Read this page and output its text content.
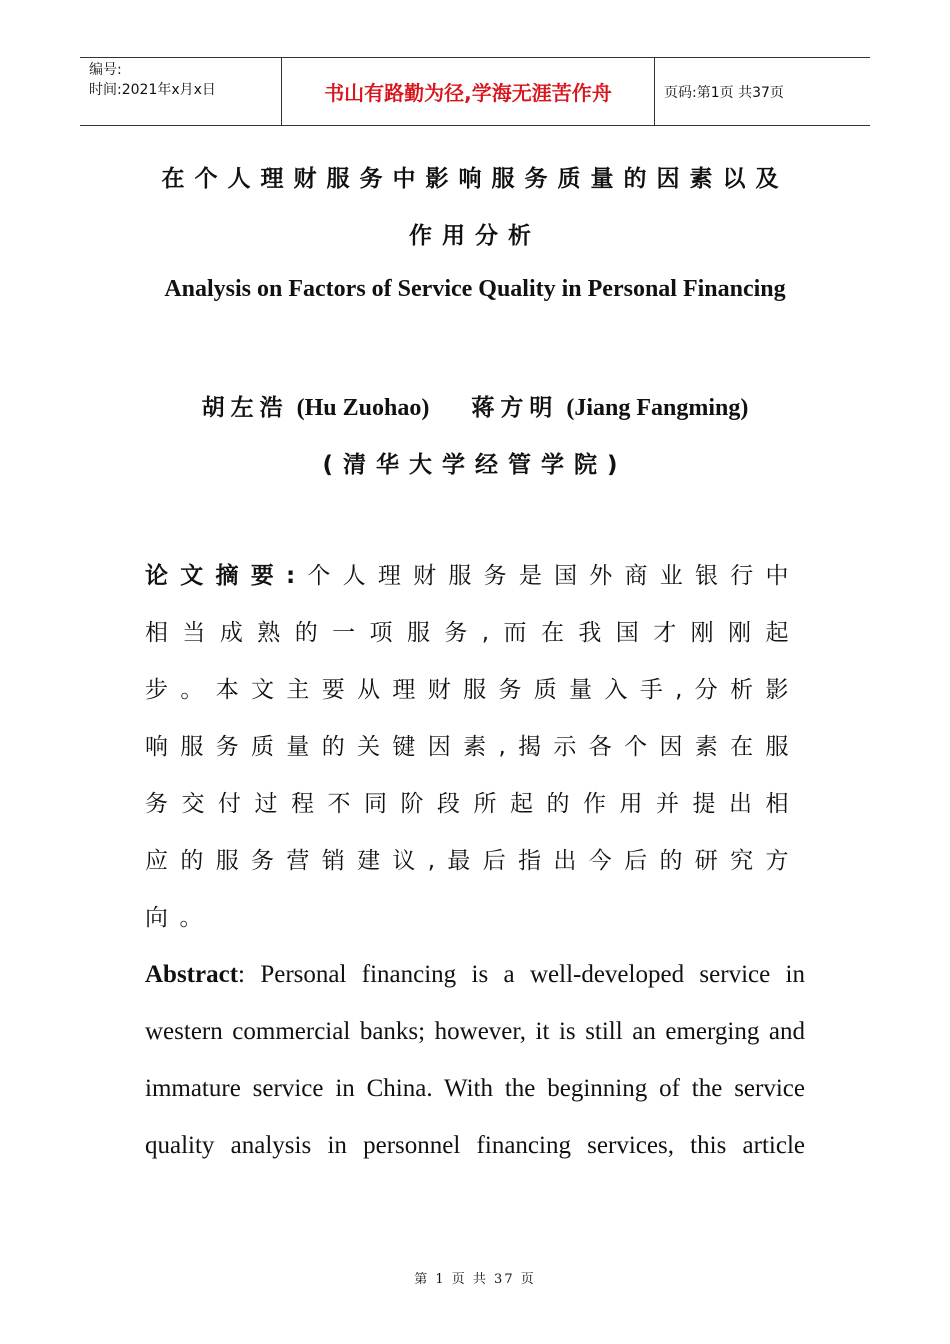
编号:
时间:2021年x月x日	书山有路勤为径,学海无涯苦作舟	页码:第1页 共37页
在个人理财服务中影响服务质量的因素以及
作用分析
Analysis on Factors of Service Quality in Personal Financing
胡左浩 (Hu Zuohao) 蒋方明 (Jiang Fangming)
(清华大学经管学院)
论文摘要:个人理财服务是国外商业银行中相当成熟的一项服务,而在我国才刚刚起步。本文主要从理财服务质量入手,分析影响服务质量的关键因素,揭示各个因素在服务交付过程不同阶段所起的作用并提出相应的服务营销建议,最后指出今后的研究方向。
Abstract: Personal financing is a well-developed service in western commercial banks; however, it is still an emerging and immature service in China. With the beginning of the service quality analysis in personnel financing services, this article
第 1 页 共 37 页
